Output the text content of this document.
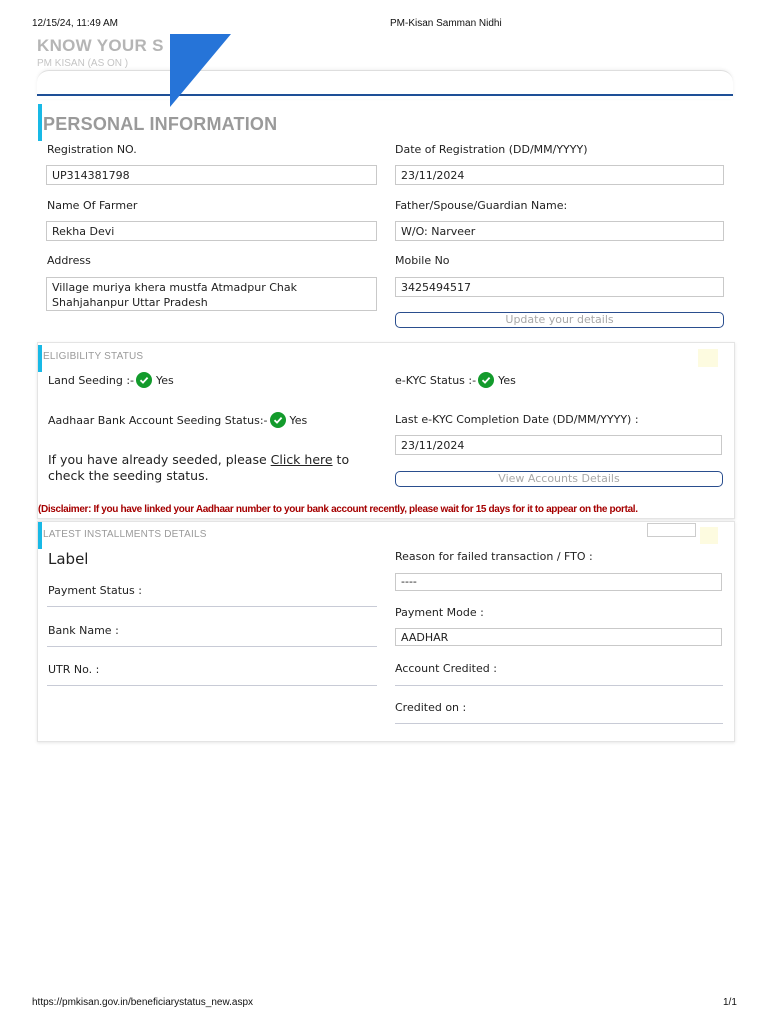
12/15/24, 11:49 AM	PM-Kisan Samman Nidhi
KNOW YOUR S
PM KISAN (AS ON )
PERSONAL INFORMATION
Registration NO.
UP314381798
Date of Registration (DD/MM/YYYY)
23/11/2024
Name Of Farmer
Rekha Devi
Father/Spouse/Guardian Name:
W/O: Narveer
Address
Village muriya khera mustfa Atmadpur Chak Shahjahanpur Uttar Pradesh
Mobile No
3425494517
Update your details
ELIGIBILITY STATUS
Land Seeding :- Yes	e-KYC Status :- Yes
Aadhaar Bank Account Seeding Status:- Yes	Last e-KYC Completion Date (DD/MM/YYYY) :
23/11/2024
If you have already seeded, please Click here to check the seeding status.	View Accounts Details
(Disclaimer: If you have linked your Aadhaar number to your bank account recently, please wait for 15 days for it to appear on the portal.
LATEST INSTALLMENTS DETAILS
Label
Payment Status :
Bank Name :
UTR No. :
Reason for failed transaction / FTO :
----
Payment Mode :
AADHAR
Account Credited :
Credited on :
https://pmkisan.gov.in/beneficiarystatus_new.aspx	1/1
